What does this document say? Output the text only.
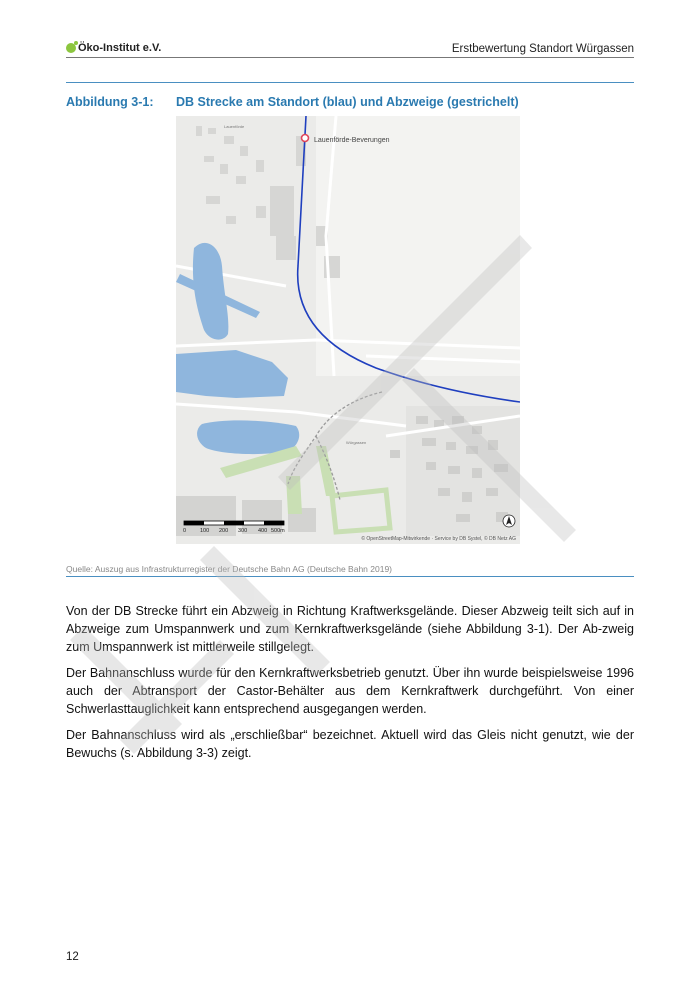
Öko-Institut e.V.	Erstbewertung Standort Würgassen
Abbildung 3-1: DB Strecke am Standort (blau) und Abzweige (gestrichelt)
Lauenförde-Beverungen
Lauenförde
Würgassen
0	100 200 300 400 500m
© OpenStreetMap-Mitwirkende · Service by DB Systel, © DB Netz AG
Quelle: Auszug aus Infrastrukturregister der Deutsche Bahn AG (Deutsche Bahn 2019)
Von der DB Strecke führt ein Abzweig in Richtung Kraftwerksgelände. Dieser Abzweig teilt sich auf in Abzweige zum Umspannwerk und zum Kernkraftwerksgelände (siehe Abbildung 3-1). Der Ab-zweig zum Umspannwerk ist mittlerweile stillgelegt.
Der Bahnanschluss wurde für den Kernkraftwerksbetrieb genutzt. Über ihn wurde beispielsweise 1996 auch der Abtransport der Castor-Behälter aus dem Kernkraftwerk durchgeführt. Von einer Schwerlasttauglichkeit kann entsprechend ausgegangen werden.
Der Bahnanschluss wird als „erschließbar“ bezeichnet. Aktuell wird das Gleis nicht genutzt, wie der Bewuchs (s. Abbildung 3-3) zeigt.
12
